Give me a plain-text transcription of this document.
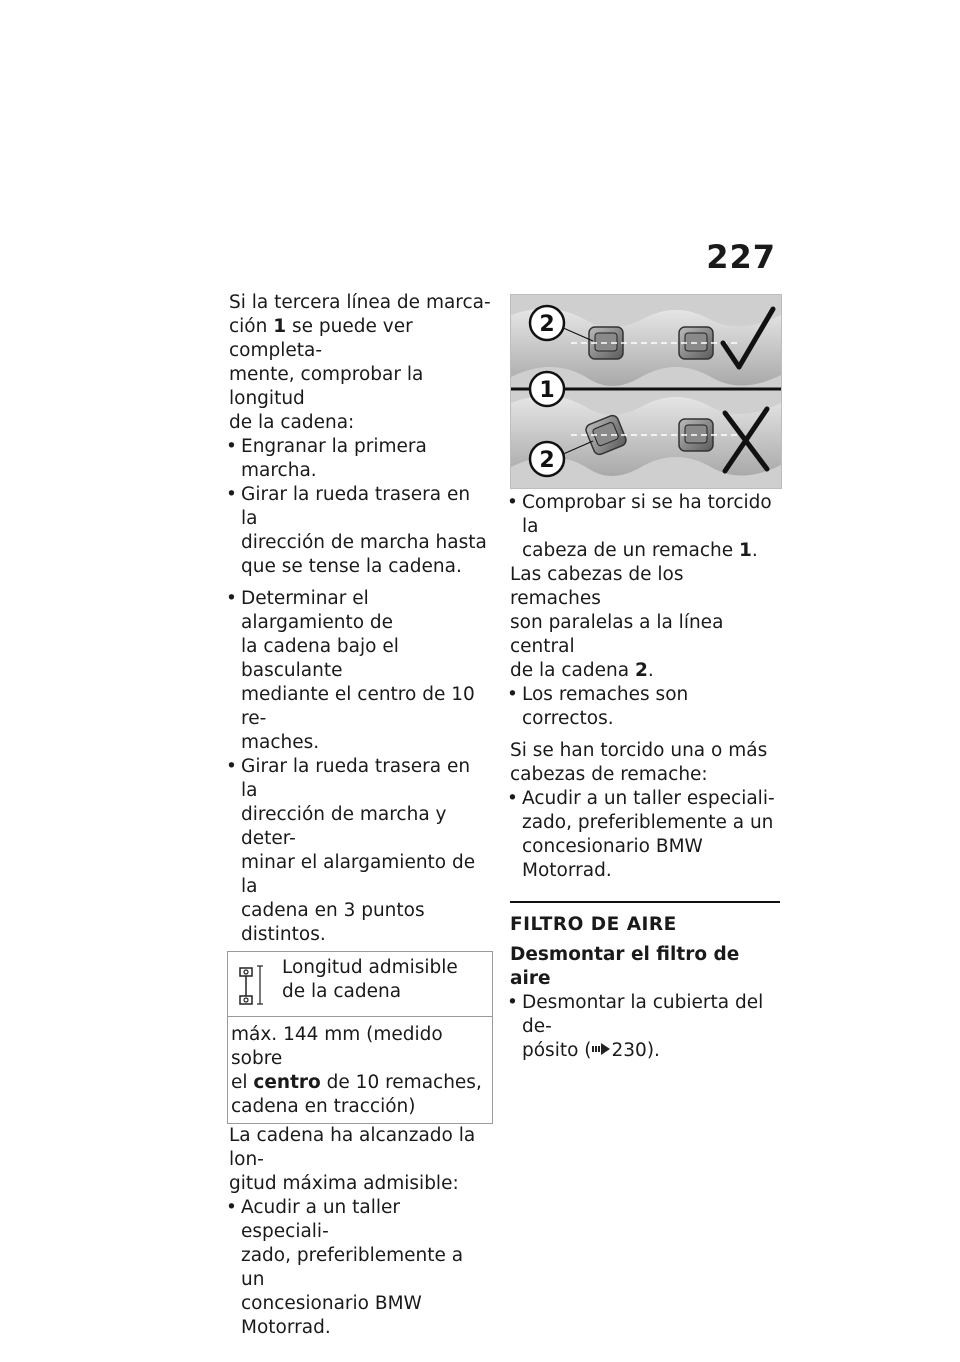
227

Si la tercera línea de marca-
ción 1 se puede ver completa-
mente, comprobar la longitud
de la cadena:

• Engranar la primera marcha.
• Girar la rueda trasera en la
dirección de marcha hasta
que se tense la cadena.
• Determinar el alargamiento de
la cadena bajo el basculante
mediante el centro de 10 re-
maches.
• Girar la rueda trasera en la
dirección de marcha y deter-
minar el alargamiento de la
cadena en 3 puntos distintos.
Longitud admisible de la cadena
máx. 144 mm (medido sobre
el centro de 10 remaches,
cadena en tracción)

La cadena ha alcanzado la lon-
gitud máxima admisible:

• Acudir a un taller especiali-
zado, preferiblemente a un
concesionario BMW Motorrad.
2
1
2
• Comprobar si se ha torcido la
cabeza de un remache 1.

Las cabezas de los remaches
son paralelas a la línea central
de la cadena 2.

• Los remaches son correctos.

Si se han torcido una o más
cabezas de remache:

• Acudir a un taller especiali-
zado, preferiblemente a un
concesionario BMW Motorrad.
FILTRO DE AIRE
Desmontar el filtro de aire
• Desmontar la cubierta del de-
pósito ( 230).
